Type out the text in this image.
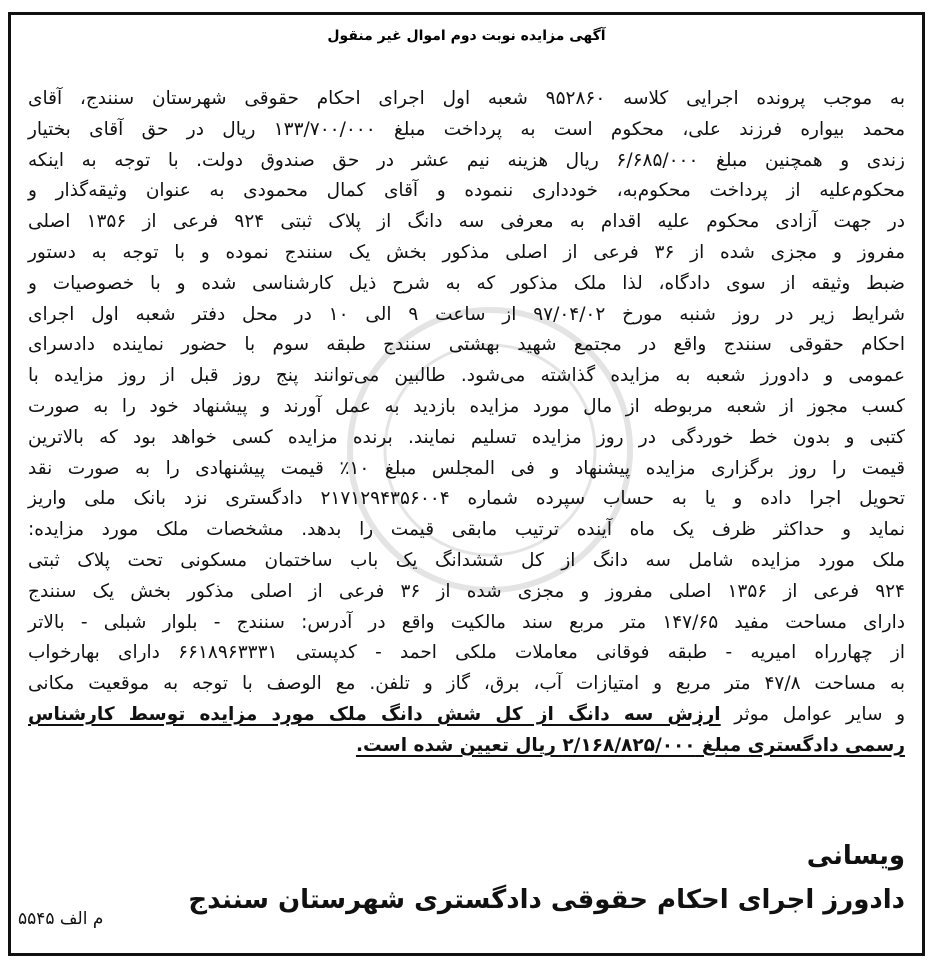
آگهی مزایده نوبت دوم اموال غیر منقول
به موجب پرونده اجرایی کلاسه ۹۵۲۸۶۰ شعبه اول اجرای احکام حقوقی شهرستان سنندج، آقای
محمد بیواره فرزند علی، محکوم است به پرداخت مبلغ ۱۳۳/۷۰۰/۰۰۰ ریال در حق آقای بختیار
زندی و همچنین مبلغ ۶/۶۸۵/۰۰۰ ریال هزینه نیم عشر در حق صندوق دولت. با توجه به اینکه
محکوم‌علیه از پرداخت محکوم‌به، خودداری ننموده و آقای کمال محمودی به عنوان وثیقه‌گذار و
در جهت آزادی محکوم علیه اقدام به معرفی سه دانگ از پلاک ثبتی ۹۲۴ فرعی از ۱۳۵۶ اصلی
مفروز و مجزی شده از ۳۶ فرعی از اصلی مذکور بخش یک سنندج نموده و با توجه به دستور
ضبط وثیقه از سوی دادگاه، لذا ملک مذکور که به شرح ذیل کارشناسی شده و با خصوصیات و
شرایط زیر در روز شنبه مورخ ۹۷/۰۴/۰۲ از ساعت ۹ الی ۱۰ در محل دفتر شعبه اول اجرای
احکام حقوقی سنندج واقع در مجتمع شهید بهشتی سنندج طبقه سوم با حضور نماینده دادسرای
عمومی و دادورز شعبه به مزایده گذاشته می‌شود. طالبین می‌توانند پنج روز قبل از روز مزایده با
کسب مجوز از شعبه مربوطه از مال مورد مزایده بازدید به عمل آورند و پیشنهاد خود را به صورت
کتبی و بدون خط خوردگی در روز مزایده تسلیم نمایند. برنده مزایده کسی خواهد بود که بالاترین
قیمت را روز برگزاری مزایده پیشنهاد و فی المجلس مبلغ ۱۰٪ قیمت پیشنهادی را به صورت نقد
تحویل اجرا داده و یا به حساب سپرده شماره ۲۱۷۱۲۹۴۳۵۶۰۰۴ دادگستری نزد بانک ملی واریز
نماید و حداکثر ظرف یک ماه آینده ترتیب مابقی قیمت را بدهد. مشخصات ملک مورد مزایده:
ملک مورد مزایده شامل سه دانگ از کل ششدانگ یک باب ساختمان مسکونی تحت پلاک ثبتی
۹۲۴ فرعی از ۱۳۵۶ اصلی مفروز و مجزی شده از ۳۶ فرعی از اصلی مذکور بخش یک سنندج
دارای مساحت مفید ۱۴۷/۶۵ متر مربع سند مالکیت واقع در آدرس: سنندج - بلوار شبلی - بالاتر
از چهارراه امیریه - طبقه فوقانی معاملات ملکی احمد - کدپستی ۶۶۱۸۹۶۳۳۳۱ دارای بهارخواب
به مساحت ۴۷/۸ متر مربع و امتیازات آب، برق، گاز و تلفن. مع الوصف با توجه به موقعیت مکانی
و سایر عوامل موثر ارزش سه دانگ از کل شش دانگ ملک مورد مزایده توسط کارشناس
رسمی دادگستری مبلغ ۲/۱۶۸/۸۲۵/۰۰۰ ریال تعیین شده است.
ویسانی
دادورز اجرای احکام حقوقی دادگستری شهرستان سنندج
م الف ۵۵۴۵
